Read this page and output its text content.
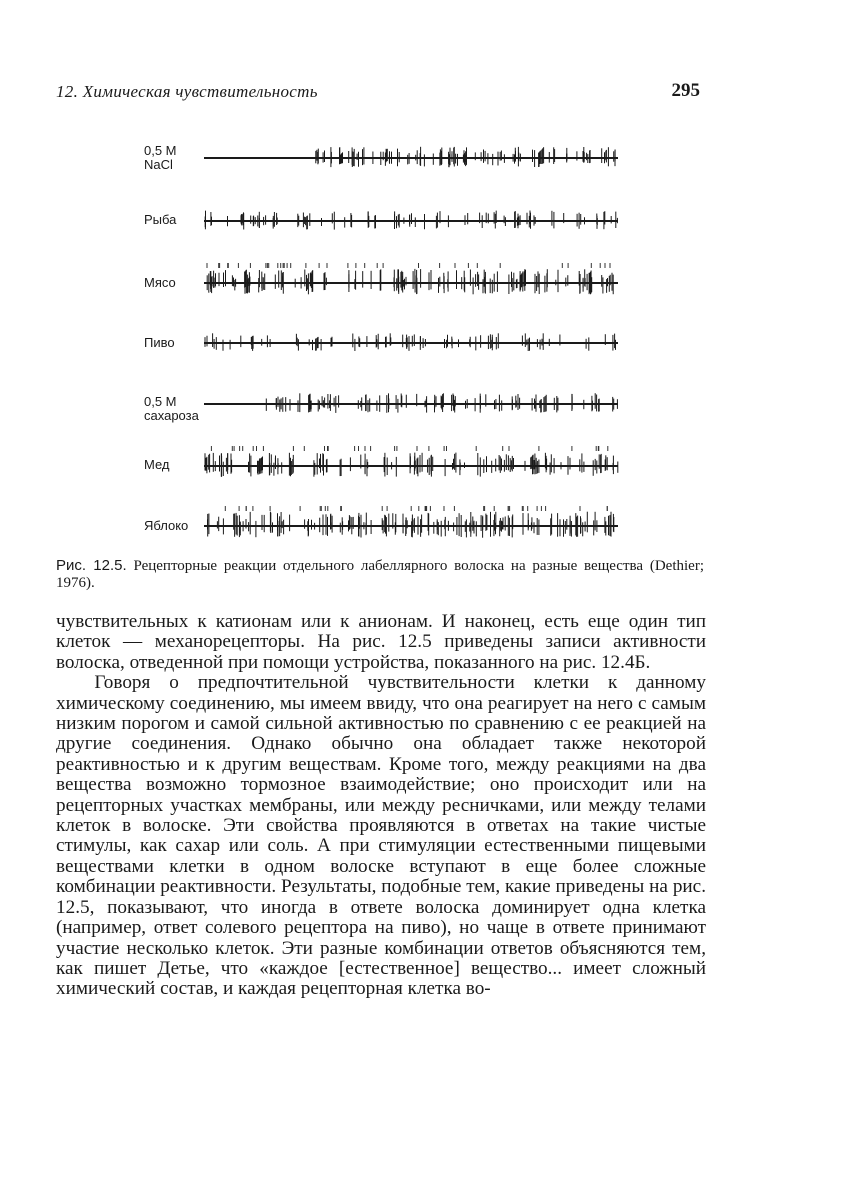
12. Химическая чувствительность	295
0,5 M
NaCl
Рыба
Мясо
Пиво
0,5 M
сахароза
Мед
Яблоко
Рис. 12.5. Рецепторные реакции отдельного лабеллярного волоска на разные вещества (Dethier; 1976).

чувствительных к катионам или к анионам. И наконец, есть еще один тип клеток — механорецепторы. На рис. 12.5 приведены записи активности волоска, отведенной при помощи устройства, показанного на рис. 12.4Б.

Говоря о предпочтительной чувствительности клетки к данному химическому соединению, мы имеем ввиду, что она реагирует на него с самым низким порогом и самой сильной активностью по сравнению с ее реакцией на другие соединения. Однако обычно она обладает также некоторой реактивностью и к другим веществам. Кроме того, между реакциями на два вещества возможно тормозное взаимодействие; оно происходит или на рецепторных участках мембраны, или между ресничками, или между телами клеток в волоске. Эти свойства проявляются в ответах на такие чистые стимулы, как сахар или соль. А при стимуляции естественными пищевыми веществами клетки в одном волоске вступают в еще более сложные комбинации реактивности. Результаты, подобные тем, какие приведены на рис. 12.5, показывают, что иногда в ответе волоска доминирует одна клетка (например, ответ солевого рецептора на пиво), но чаще в ответе принимают участие несколько клеток. Эти разные комбинации ответов объясняются тем, как пишет Детье, что «каждое [естественное] вещество... имеет сложный химический состав, и каждая рецепторная клетка во-
